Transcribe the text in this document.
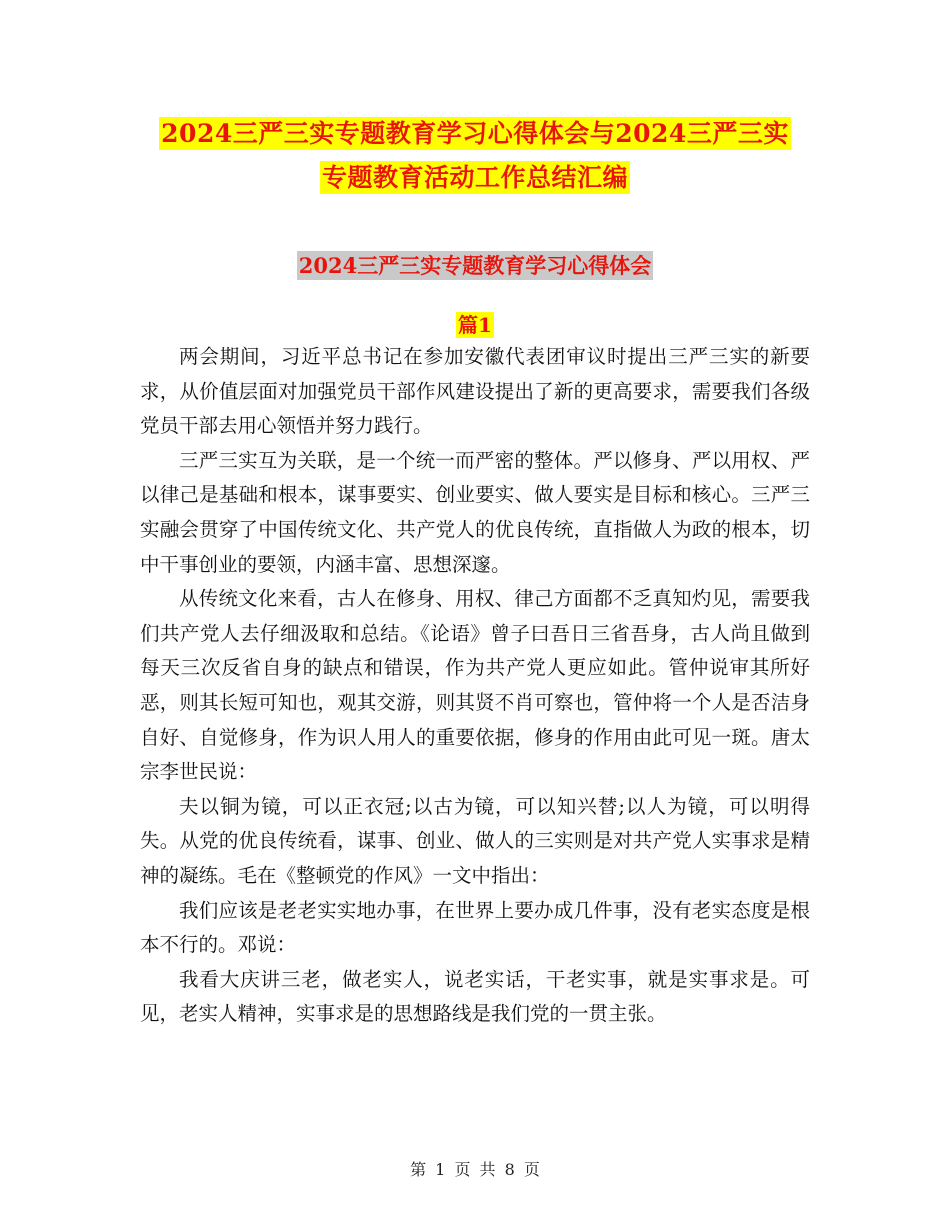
2024三严三实专题教育学习心得体会与2024三严三实
专题教育活动工作总结汇编
2024三严三实专题教育学习心得体会
篇1

两会期间，习近平总书记在参加安徽代表团审议时提出三严三实的新要求，从价值层面对加强党员干部作风建设提出了新的更高要求，需要我们各级党员干部去用心领悟并努力践行。

三严三实互为关联，是一个统一而严密的整体。严以修身、严以用权、严以律己是基础和根本，谋事要实、创业要实、做人要实是目标和核心。三严三实融会贯穿了中国传统文化、共产党人的优良传统，直指做人为政的根本，切中干事创业的要领，内涵丰富、思想深邃。

从传统文化来看，古人在修身、用权、律己方面都不乏真知灼见，需要我们共产党人去仔细汲取和总结。《论语》曾子曰吾日三省吾身，古人尚且做到每天三次反省自身的缺点和错误，作为共产党人更应如此。管仲说审其所好恶，则其长短可知也，观其交游，则其贤不肖可察也，管仲将一个人是否洁身自好、自觉修身，作为识人用人的重要依据，修身的作用由此可见一斑。唐太宗李世民说：

夫以铜为镜，可以正衣冠;以古为镜，可以知兴替;以人为镜，可以明得失。从党的优良传统看，谋事、创业、做人的三实则是对共产党人实事求是精神的凝练。毛在《整顿党的作风》一文中指出：

我们应该是老老实实地办事，在世界上要办成几件事，没有老实态度是根本不行的。邓说：

我看大庆讲三老，做老实人，说老实话，干老实事，就是实事求是。可见，老实人精神，实事求是的思想路线是我们党的一贯主张。

第 1 页 共 8 页
